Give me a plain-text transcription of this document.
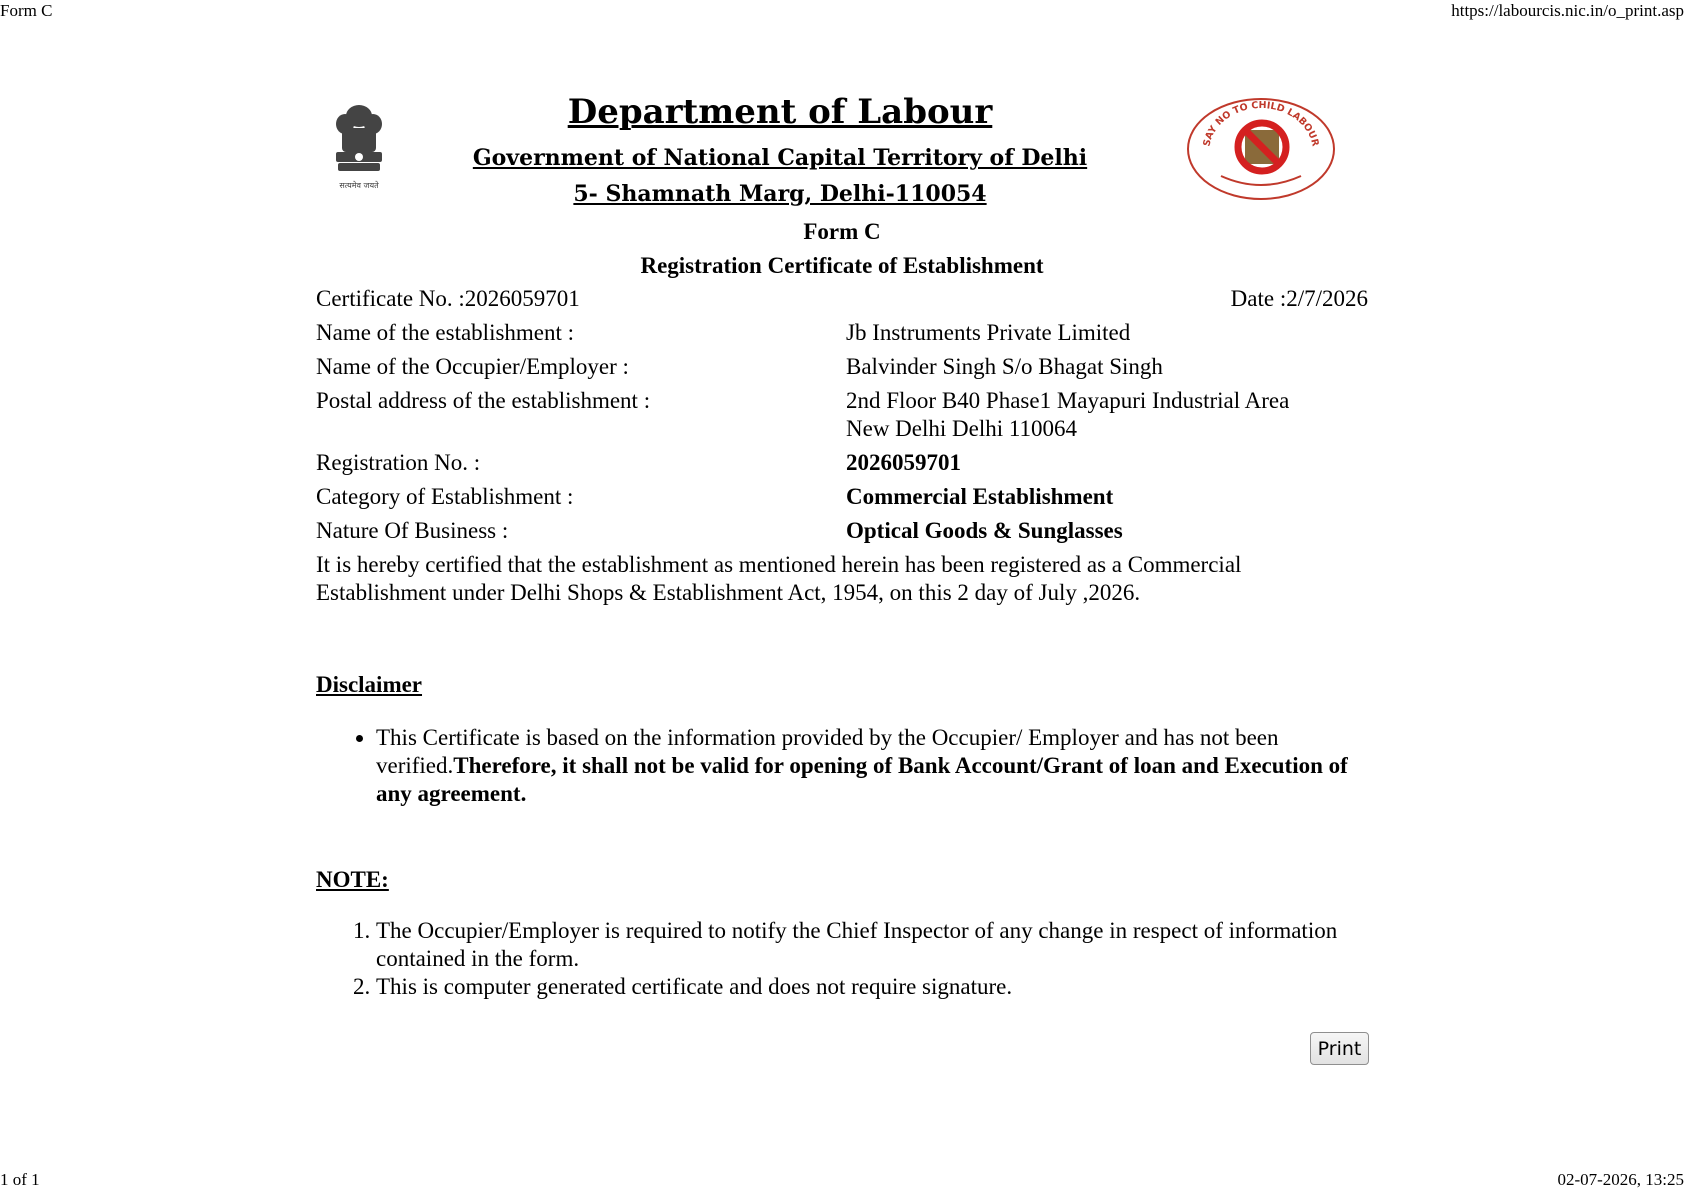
Form C	https://labourcis.nic.in/o_print.asp
सत्यमेव जयते
Department of Labour
Government of National Capital Territory of Delhi
5- Shamnath Marg, Delhi-110054
SAY NO TO CHILD LABOUR
Form C
Registration Certificate of Establishment
Certificate No. :2026059701	Date :2/7/2026
Name of the establishment :	Jb Instruments Private Limited
Name of the Occupier/Employer :	Balvinder Singh S/o Bhagat Singh
Postal address of the establishment :	2nd Floor B40 Phase1 Mayapuri Industrial Area
New Delhi Delhi 110064
Registration No. :	2026059701
Category of Establishment :	Commercial Establishment
Nature Of Business :	Optical Goods & Sunglasses
It is hereby certified that the establishment as mentioned herein has been registered as a Commercial Establishment under Delhi Shops & Establishment Act, 1954, on this 2 day of July ,2026.
Disclaimer
• This Certificate is based on the information provided by the Occupier/ Employer and has not been verified.Therefore, it shall not be valid for opening of Bank Account/Grant of loan and Execution of any agreement.
NOTE:
1. The Occupier/Employer is required to notify the Chief Inspector of any change in respect of information contained in the form.
2. This is computer generated certificate and does not require signature.
Print
1 of 1	02-07-2026, 13:25
